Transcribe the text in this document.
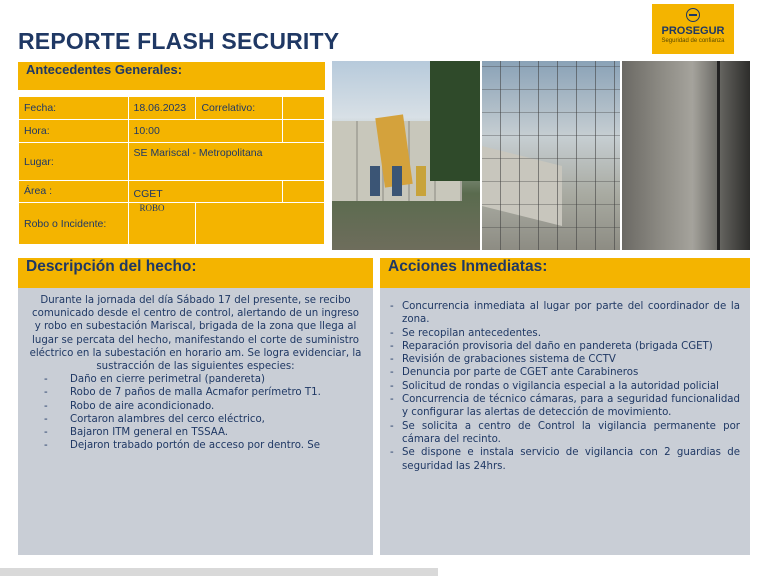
REPORTE FLASH SECURITY	PROSEGUR
Seguridad de confianza
Antecedentes Generales:
Fecha:	18.06.2023	Correlativo:	
Hora:	10:00		
Lugar:	SE Mariscal - Metropolitana		
Área :	CGET		
Robo o Incidente:	ROBO		

Descripción del hecho:

Durante la jornada del día Sábado 17 del presente, se recibo comunicado desde el centro de control, alertando de un ingreso y robo en subestación Mariscal, brigada de la zona que llega al lugar se percata del hecho, manifestando el corte de suministro eléctrico en la subestación en horario am. Se logra evidenciar, la sustracción de las siguientes especies:

- Daño en cierre perimetral (pandereta)
- Robo de 7 paños de malla Acmafor perímetro T1.
- Robo de aire acondicionado.
- Cortaron alambres del cerco eléctrico,
- Bajaron ITM general en TSSAA.
- Dejaron trabado portón de acceso por dentro. Se
Acciones Inmediatas:
- Concurrencia inmediata al lugar por parte del coordinador de la zona.
- Se recopilan antecedentes.
- Reparación provisoria del daño en pandereta (brigada CGET)
- Revisión de grabaciones sistema de CCTV
- Denuncia por parte de CGET ante Carabineros
- Solicitud de rondas o vigilancia especial a la autoridad policial
- Concurrencia de técnico cámaras, para a seguridad funcionalidad y configurar las alertas de detección de movimiento.
- Se solicita a centro de Control la vigilancia permanente por cámara del recinto.
- Se dispone e instala servicio de vigilancia con 2 guardias de seguridad las 24hrs.
